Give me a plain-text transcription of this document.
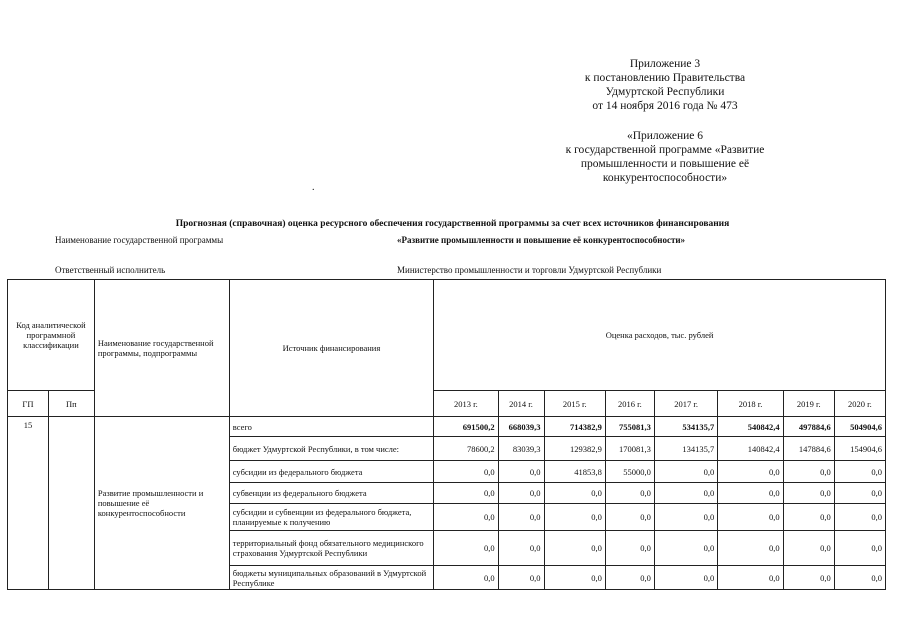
Приложение 3

к постановлению Правительства

Удмуртской Республики

от 14 ноября 2016 года № 473

«Приложение 6

к государственной программе «Развитие

промышленности и повышение её

конкурентоспособности»

.
Прогнозная (справочная) оценка ресурсного обеспечения государственной программы за счет всех источников финансирования
Наименование государственной программы	«Развитие промышленности и повышение её конкурентоспособности»
Ответственный исполнитель	Министерство промышленности и торговли Удмуртской Республики
Код аналитической программной классификации		Наименование государственной программы, подпрограммы	Источник финансирования	Оценка расходов, тыс. рублей							
ГП	Пп			2013 г.	2014 г.	2015 г.	2016 г.	2017 г.	2018 г.	2019 г.	2020 г.
15		Развитие промышленности и повышение её конкурентоспособности	всего	691500,2	668039,3	714382,9	755081,3	534135,7	540842,4	497884,6	504904,6
			бюджет Удмуртской Республики, в том числе:	78600,2	83039,3	129382,9	170081,3	134135,7	140842,4	147884,6	154904,6
			субсидии из федерального бюджета	0,0	0,0	41853,8	55000,0	0,0	0,0	0,0	0,0
			субвенции из федерального бюджета	0,0	0,0	0,0	0,0	0,0	0,0	0,0	0,0
			субсидии и субвенции из федерального бюджета, планируемые к получению	0,0	0,0	0,0	0,0	0,0	0,0	0,0	0,0
			территориальный фонд обязательного медицинского страхования Удмуртской Республики	0,0	0,0	0,0	0,0	0,0	0,0	0,0	0,0
			бюджеты муниципальных образований в Удмуртской Республике	0,0	0,0	0,0	0,0	0,0	0,0	0,0	0,0
